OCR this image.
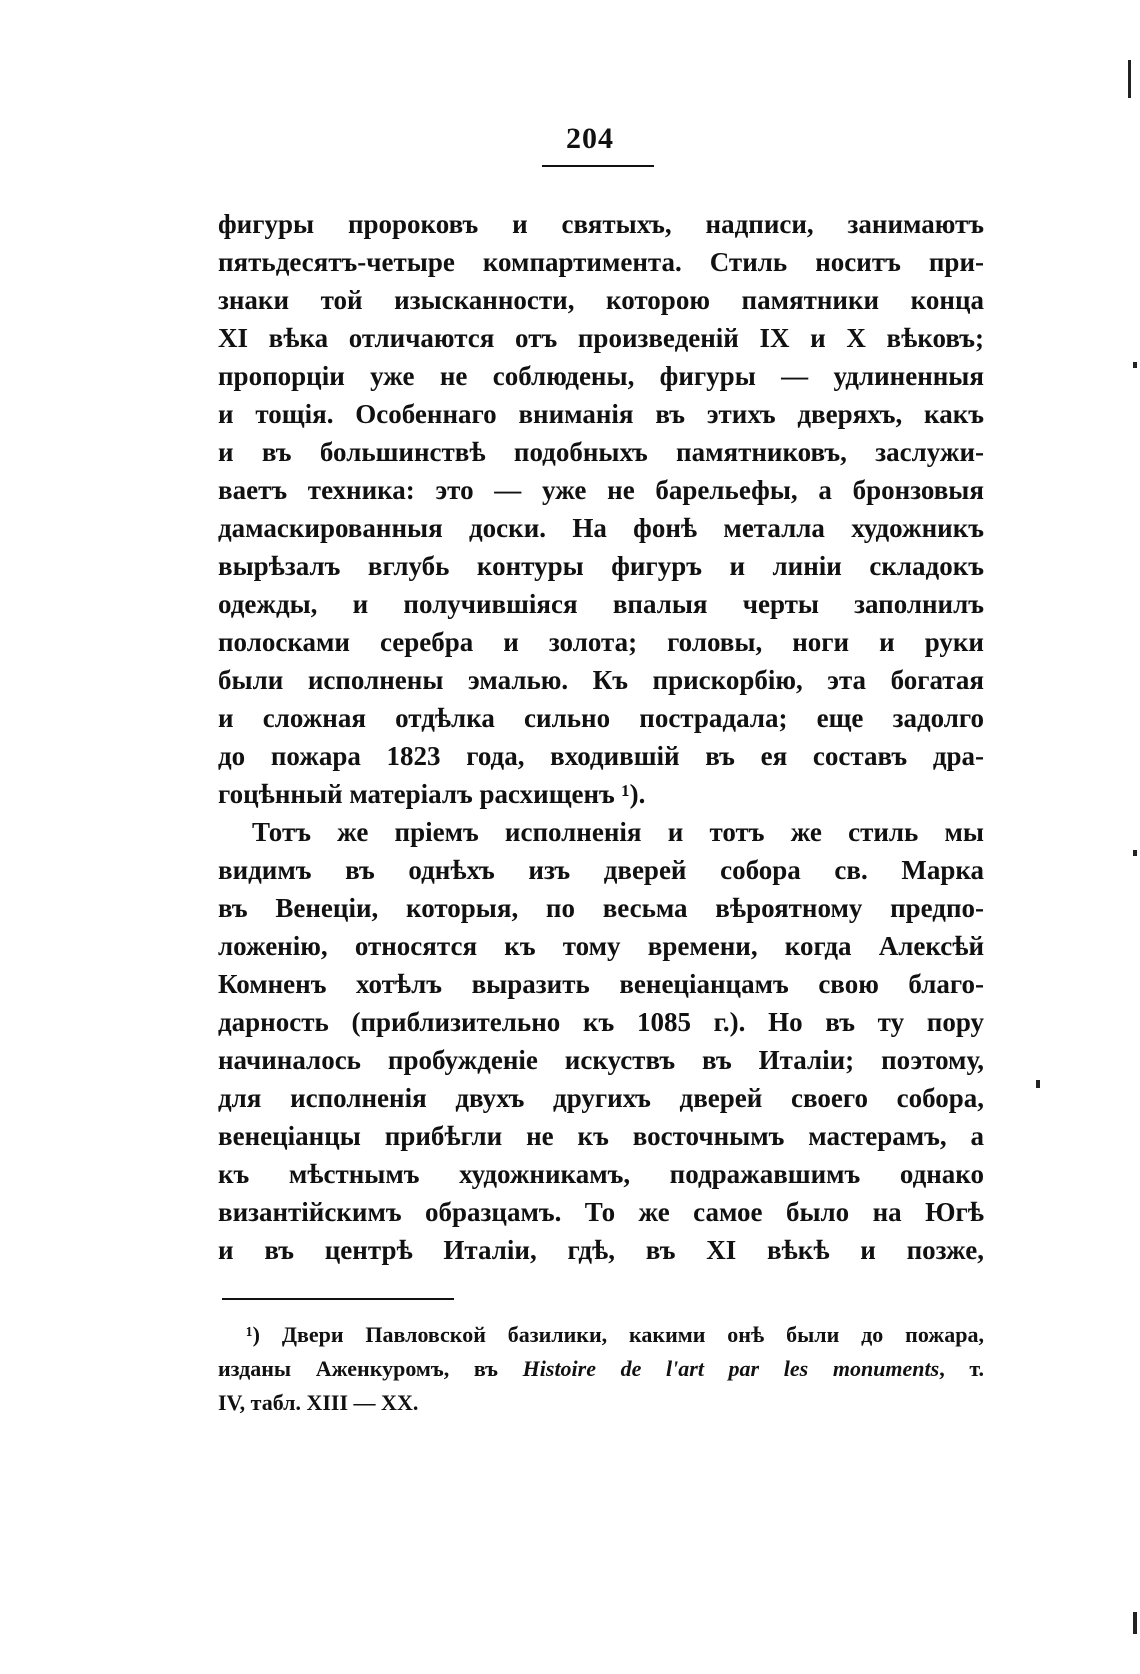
204
фигуры пророковъ и святыхъ, надписи, занимаютъ
пятьдесятъ-четыре компартимента. Стиль носитъ при-
знаки той изысканности, которою памятники конца
XI вѣка отличаются отъ произведеній IX и X вѣковъ;
пропорціи уже не соблюдены, фигуры — удлиненныя
и тощія. Особеннаго вниманія въ этихъ дверяхъ, какъ
и въ большинствѣ подобныхъ памятниковъ, заслужи-
ваетъ техника: это — уже не барельефы, а бронзовыя
дамаскированныя доски. На фонѣ металла художникъ
вырѣзалъ вглубь контуры фигуръ и линіи складокъ
одежды, и получившіяся впалыя черты заполнилъ
полосками серебра и золота; головы, ноги и руки
были исполнены эмалью. Къ прискорбію, эта богатая
и сложная отдѣлка сильно пострадала; еще задолго
до пожара 1823 года, входившій въ ея составъ дра-
гоцѣнный матеріалъ расхищенъ ¹).
Тотъ же пріемъ исполненія и тотъ же стиль мы
видимъ въ однѣхъ изъ дверей собора св. Марка
въ Венеціи, которыя, по весьма вѣроятному предпо-
ложенію, относятся къ тому времени, когда Алексѣй
Комненъ хотѣлъ выразить венеціанцамъ свою благо-
дарность (приблизительно къ 1085 г.). Но въ ту пору
начиналось пробужденіе искуствъ въ Италіи; поэтому,
для исполненія двухъ другихъ дверей своего собора,
венеціанцы прибѣгли не къ восточнымъ мастерамъ, а
къ мѣстнымъ художникамъ, подражавшимъ однако
византійскимъ образцамъ. То же самое было на Югѣ
и въ центрѣ Италіи, гдѣ, въ XI вѣкѣ и позже,
¹) Двери Павловской базилики, какими онѣ были до пожара,
изданы Аженкуромъ, въ Histoire de l'art par les monuments, т.
IV, табл. XIII — XX.
